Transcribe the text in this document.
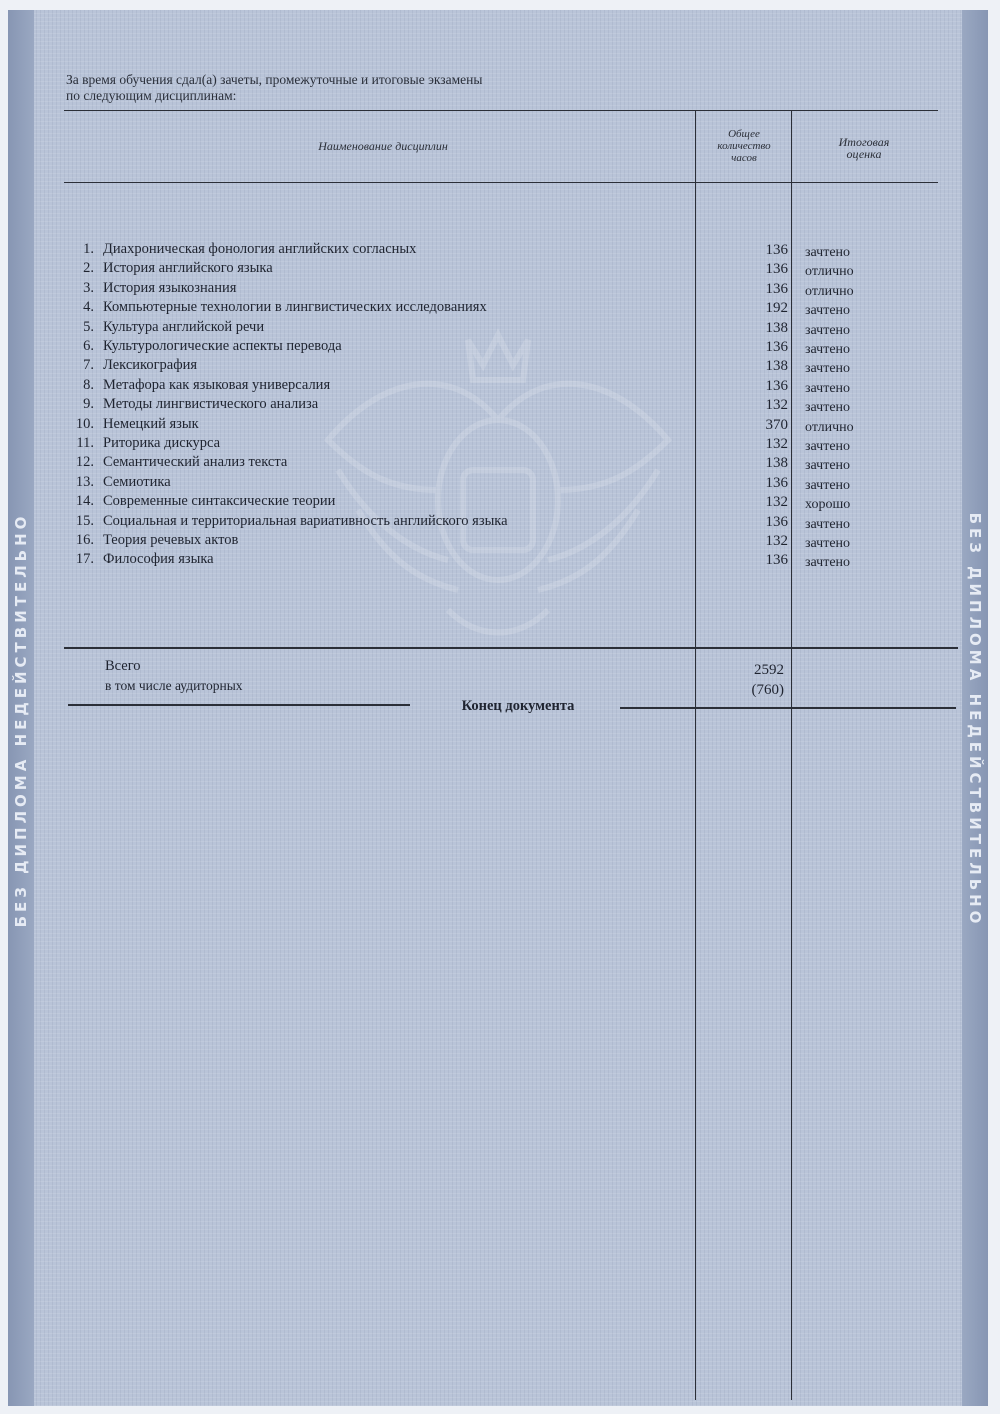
БЕЗ ДИПЛОМА НЕДЕЙСТВИТЕЛЬНО	БЕЗ ДИПЛОМА НЕДЕЙСТВИТЕЛЬНО
За время обучения сдал(а) зачеты, промежуточные и итоговые экзамены
по следующим дисциплинам:
Наименование дисциплин
Общее
количество
часов
Итоговая
оценка
1. Диахроническая фонология английских согласных	136 зачтено
2. История английского языка	136 отлично
3. История языкознания	136 отлично
4. Компьютерные технологии в лингвистических исследованиях	192 зачтено
5. Культура английской речи	138 зачтено
6. Культурологические аспекты перевода	136 зачтено
7. Лексикография	138 зачтено
8. Метафора как языковая универсалия	136 зачтено
9. Методы лингвистического анализа	132 зачтено
10. Немецкий язык	370 отлично
11. Риторика дискурса	132 зачтено
12. Семантический анализ текста	138 зачтено
13. Семиотика	136 зачтено
14. Современные синтаксические теории	132 хорошо
15. Социальная и территориальная вариативность английского языка	136 зачтено
16. Теория речевых актов	132 зачтено
17. Философия языка	136 зачтено
Всего	2592
в том числе аудиторных	(760)
Конец документа
